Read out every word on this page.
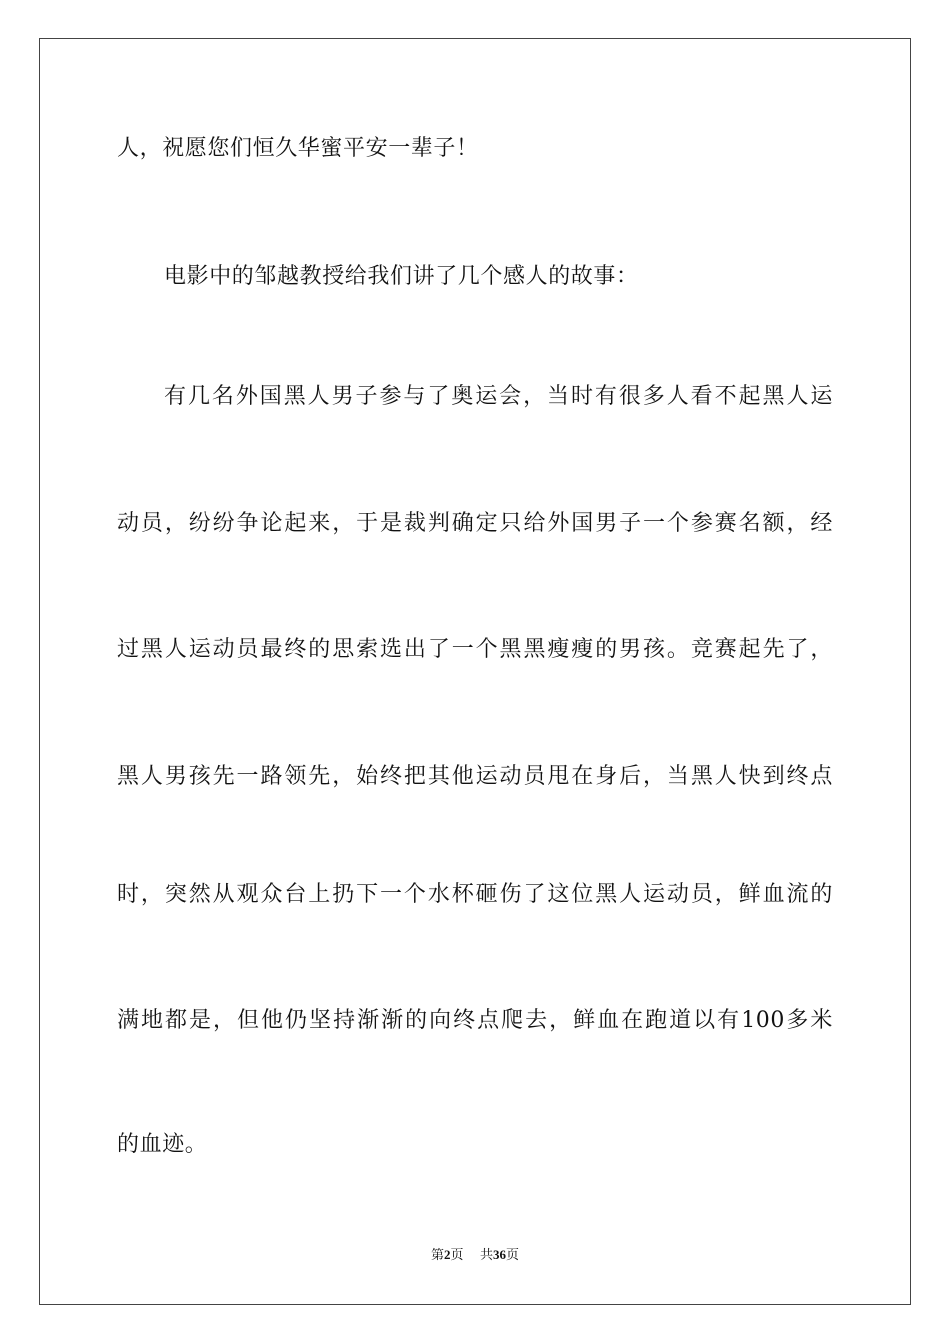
人，祝愿您们恒久华蜜平安一辈子！
电影中的邹越教授给我们讲了几个感人的故事：
有几名外国黑人男子参与了奥运会，当时有很多人看不起黑人运
动员，纷纷争论起来，于是裁判确定只给外国男子一个参赛名额，经
过黑人运动员最终的思索选出了一个黑黑瘦瘦的男孩。竞赛起先了，
黑人男孩先一路领先，始终把其他运动员甩在身后，当黑人快到终点
时，突然从观众台上扔下一个水杯砸伤了这位黑人运动员，鲜血流的
满地都是，但他仍坚持渐渐的向终点爬去，鲜血在跑道以有100多米
的血迹。
第2页 共36页
